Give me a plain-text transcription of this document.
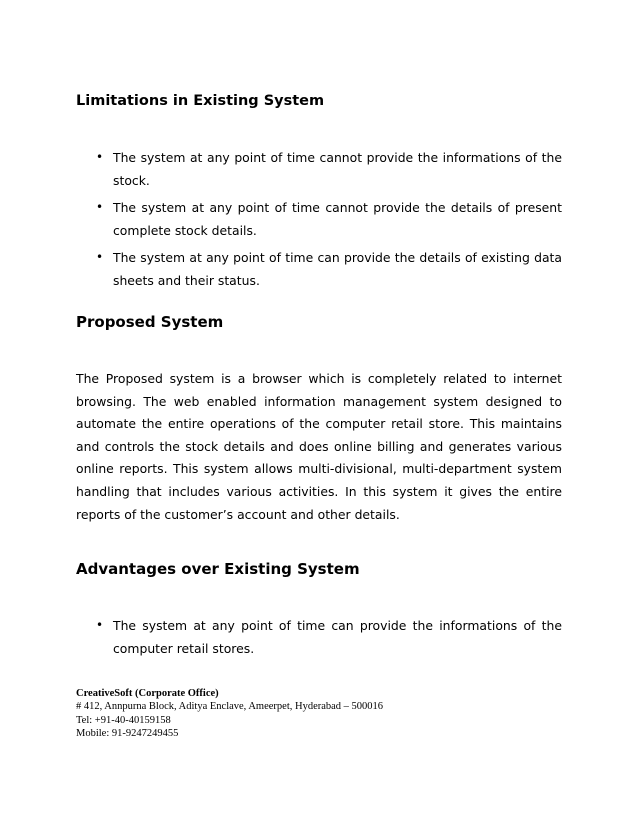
Limitations in Existing System
• The system at any point of time cannot provide the informations of the stock.
• The system at any point of time cannot provide the details of present complete stock details.
• The system at any point of time can provide the details of existing data sheets and their status.
Proposed System

The Proposed system is a browser which is completely related to internet browsing. The web enabled information management system designed to automate the entire operations of the computer retail store. This maintains and controls the stock details and does online billing and generates various online reports. This system allows multi-divisional, multi-department system handling that includes various activities. In this system it gives the entire reports of the customer’s account and other details.

Advantages over Existing System
• The system at any point of time can provide the informations of the computer retail stores.
CreativeSoft (Corporate Office)
# 412, Annpurna Block, Aditya Enclave, Ameerpet, Hyderabad – 500016
Tel: +91-40-40159158
Mobile: 91-9247249455
